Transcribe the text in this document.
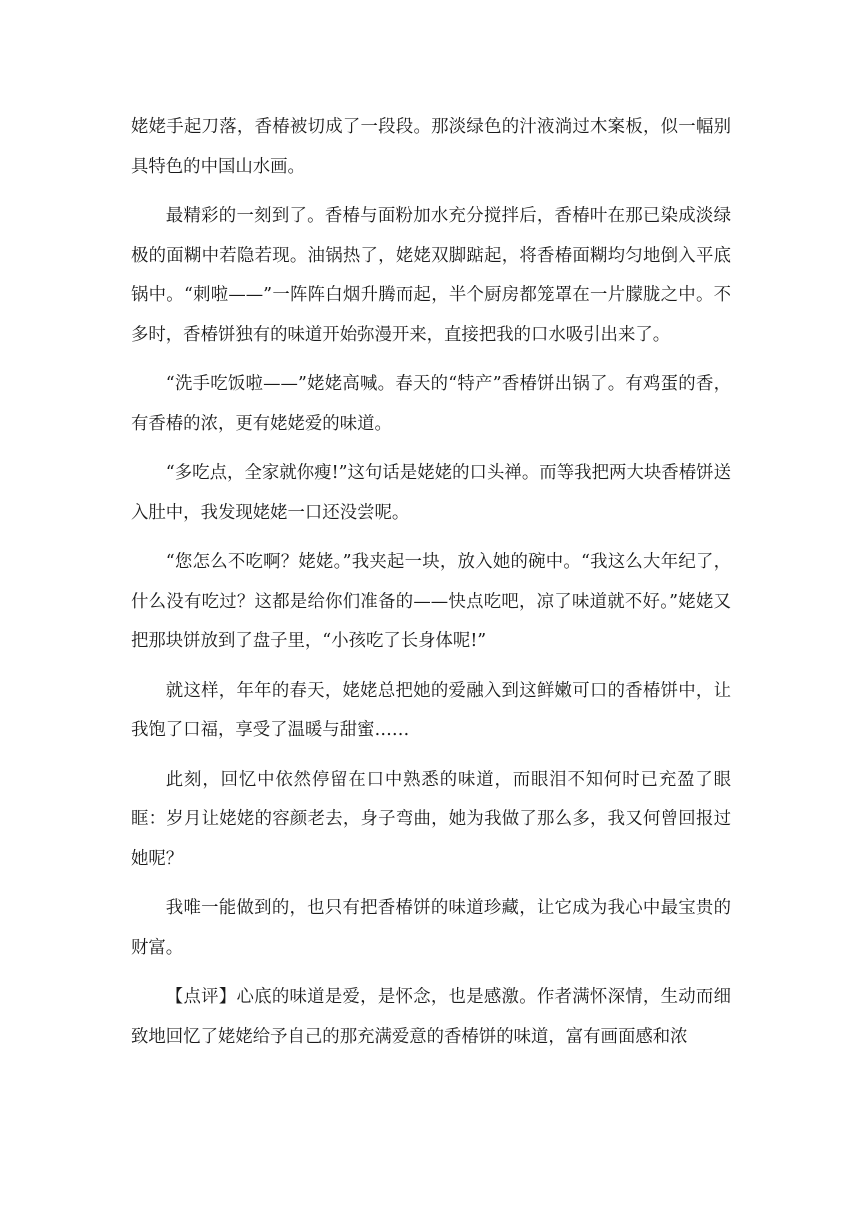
姥姥手起刀落，香椿被切成了一段段。那淡绿色的汁液淌过木案板，似一幅别具特色的中国山水画。

最精彩的一刻到了。香椿与面粉加水充分搅拌后，香椿叶在那已染成淡绿极的面糊中若隐若现。油锅热了，姥姥双脚踮起，将香椿面糊均匀地倒入平底锅中。“刺啦——”一阵阵白烟升腾而起，半个厨房都笼罩在一片朦胧之中。不多时，香椿饼独有的味道开始弥漫开来，直接把我的口水吸引出来了。

“洗手吃饭啦——”姥姥高喊。春天的“特产”香椿饼出锅了。有鸡蛋的香，有香椿的浓，更有姥姥爱的味道。

“多吃点，全家就你瘦!”这句话是姥姥的口头禅。而等我把两大块香椿饼送入肚中，我发现姥姥一口还没尝呢。

“您怎么不吃啊？姥姥。”我夹起一块，放入她的碗中。“我这么大年纪了，什么没有吃过？这都是给你们准备的——快点吃吧，凉了味道就不好。”姥姥又把那块饼放到了盘子里，“小孩吃了长身体呢!”

就这样，年年的春天，姥姥总把她的爱融入到这鲜嫩可口的香椿饼中，让我饱了口福，享受了温暖与甜蜜……

此刻，回忆中依然停留在口中熟悉的味道，而眼泪不知何时已充盈了眼眶：岁月让姥姥的容颜老去，身子弯曲，她为我做了那么多，我又何曾回报过她呢？

我唯一能做到的，也只有把香椿饼的味道珍藏，让它成为我心中最宝贵的财富。

【点评】心底的味道是爱，是怀念，也是感激。作者满怀深情，生动而细致地回忆了姥姥给予自己的那充满爱意的香椿饼的味道，富有画面感和浓
